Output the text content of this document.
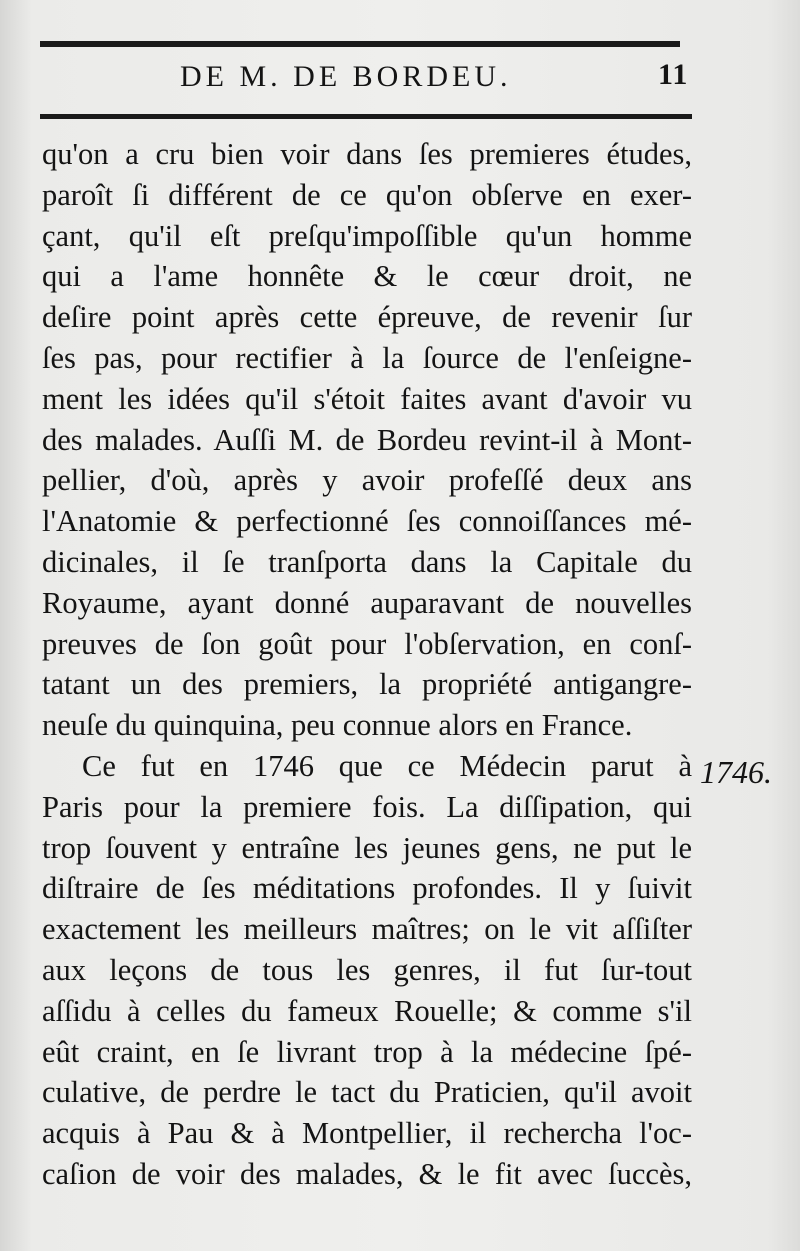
DE M. DE BORDEU.	11
qu'on a cru bien voir dans ſes premieres études,
paroît ſi différent de ce qu'on obſerve en exer-
çant, qu'il eſt preſqu'impoſſible qu'un homme
qui a l'ame honnête & le cœur droit, ne
deſire point après cette épreuve, de revenir ſur
ſes pas, pour rectifier à la ſource de l'enſeigne-
ment les idées qu'il s'étoit faites avant d'avoir vu
des malades. Auſſi M. de Bordeu revint-il à Mont-
pellier, d'où, après y avoir profeſſé deux ans
l'Anatomie & perfectionné ſes connoiſſances mé-
dicinales, il ſe tranſporta dans la Capitale du
Royaume, ayant donné auparavant de nouvelles
preuves de ſon goût pour l'obſervation, en conſ-
tatant un des premiers, la propriété antigangre-
neuſe du quinquina, peu connue alors en France.
Ce fut en 1746 que ce Médecin parut à
Paris pour la premiere fois. La diſſipation, qui
trop ſouvent y entraîne les jeunes gens, ne put le
diſtraire de ſes méditations profondes. Il y ſuivit
exactement les meilleurs maîtres; on le vit aſſiſter
aux leçons de tous les genres, il fut ſur-tout
aſſidu à celles du fameux Rouelle; & comme s'il
eût craint, en ſe livrant trop à la médecine ſpé-
culative, de perdre le tact du Praticien, qu'il avoit
acquis à Pau & à Montpellier, il rechercha l'oc-
caſion de voir des malades, & le fit avec ſuccès,
1746.
